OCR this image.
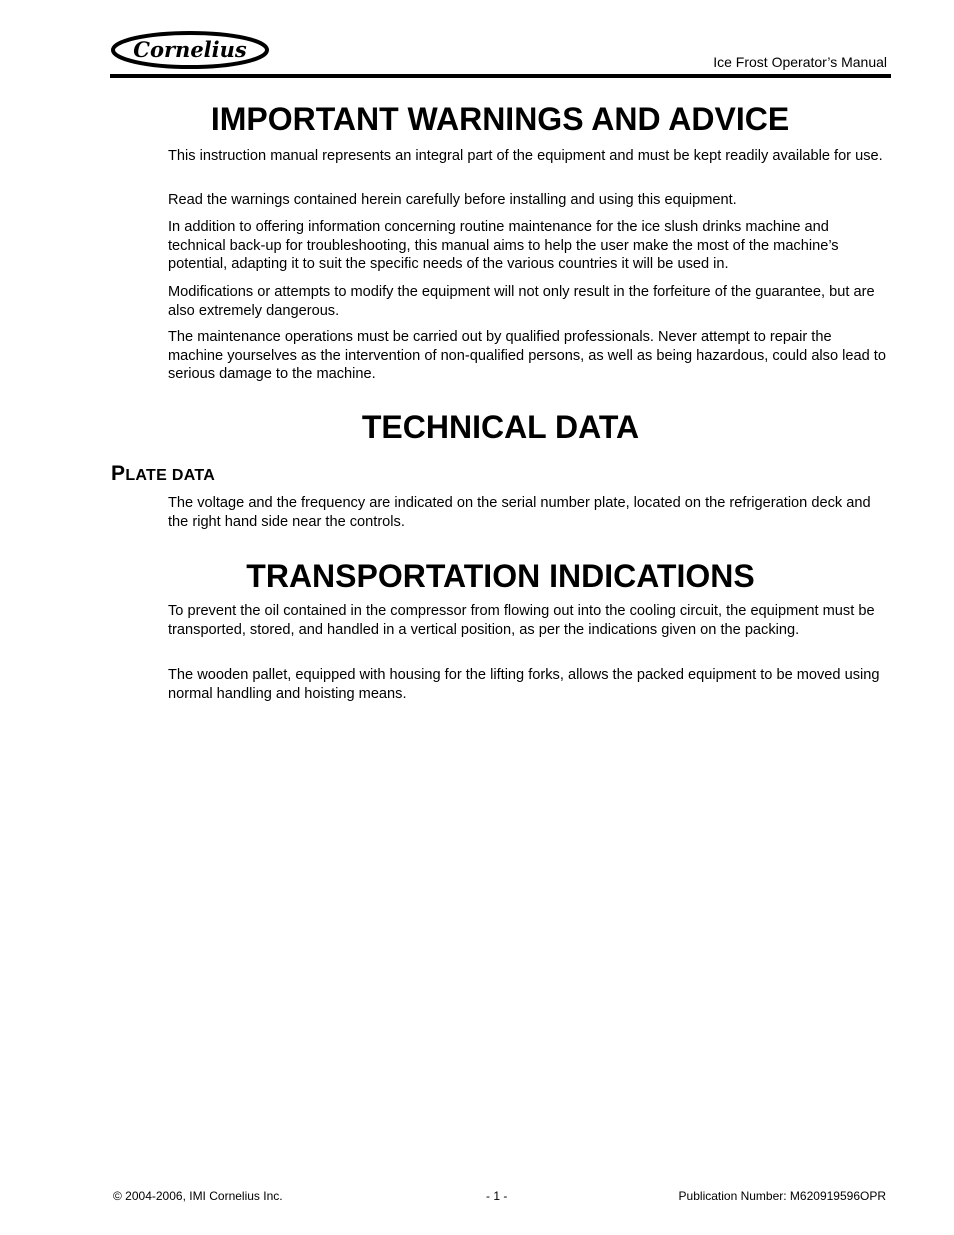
Cornelius	Ice Frost Operator’s Manual
IMPORTANT WARNINGS AND ADVICE

This instruction manual represents an integral part of the equipment and must be kept readily available for use.

Read the warnings contained herein carefully before installing and using this equipment.

In addition to offering information concerning routine maintenance for the ice slush drinks machine and technical back-up for troubleshooting, this manual aims to help the user make the most of the machine’s potential, adapting it to suit the specific needs of the various countries it will be used in.

Modifications or attempts to modify the equipment will not only result in the forfeiture of the guarantee, but are also extremely dangerous.

The maintenance operations must be carried out by qualified professionals. Never attempt to repair the machine yourselves as the intervention of non-qualified persons, as well as being hazardous, could also lead to serious damage to the machine.

TECHNICAL DATA
PLATE DATA

The voltage and the frequency are indicated on the serial number plate, located on the refrigeration deck and the right hand side near the controls.

TRANSPORTATION INDICATIONS

To prevent the oil contained in the compressor from flowing out into the cooling circuit, the equipment must be transported, stored, and handled in a vertical position, as per the indications given on the packing.

The wooden pallet, equipped with housing for the lifting forks, allows the packed equipment to be moved using normal handling and hoisting means.

© 2004-2006, IMI Cornelius Inc.	- 1 -	Publication Number: M620919596OPR
